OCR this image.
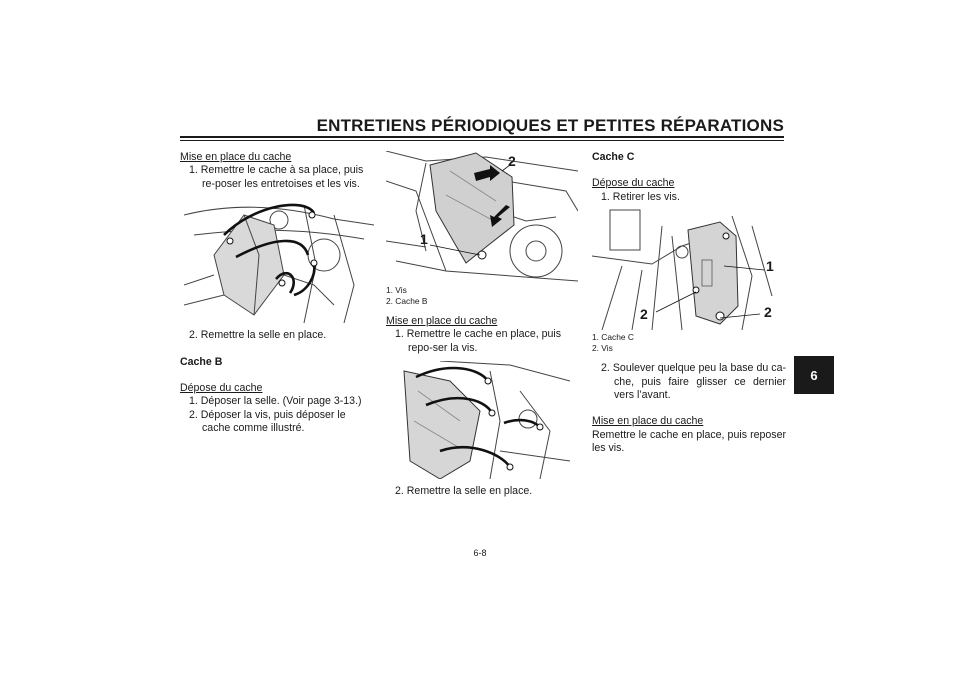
ENTRETIENS PÉRIODIQUES ET PETITES RÉPARATIONS
Mise en place du cache
1. Remettre le cache à sa place, puis re-poser les entretoises et les vis.
2. Remettre la selle en place.
Cache B
Dépose du cache
1. Déposer la selle. (Voir page 3-13.)
2. Déposer la vis, puis déposer le cache comme illustré.
2
1
1. Vis
2. Cache B
Mise en place du cache
1. Remettre le cache en place, puis repo-ser la vis.
2. Remettre la selle en place.
Cache C
Dépose du cache
1. Retirer les vis.
1
2	2
1. Cache C
2. Vis
2. Soulever quelque peu la base du ca-che, puis faire glisser ce dernier vers l’avant.
Mise en place du cache
Remettre le cache en place, puis reposer les vis.
6
6-8
